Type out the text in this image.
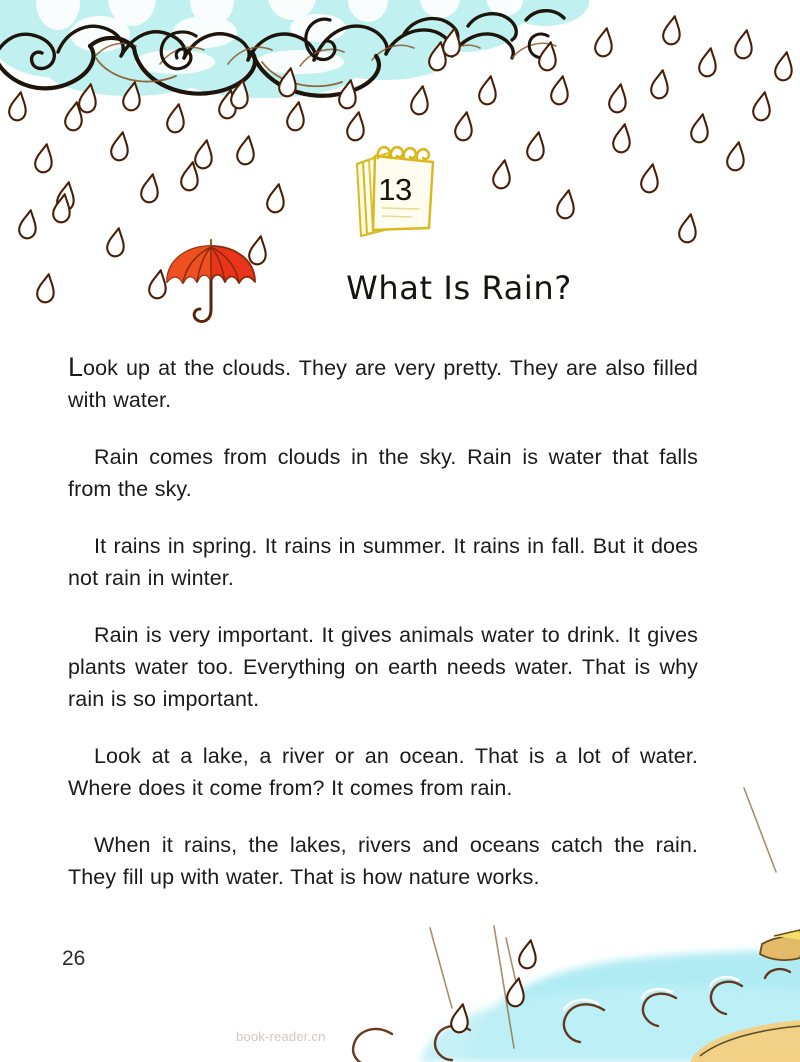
13
What Is Rain?

Look up at the clouds. They are very pretty. They are also filled with water.

Rain comes from clouds in the sky. Rain is water that falls from the sky.

It rains in spring. It rains in summer. It rains in fall. But it does not rain in winter.

Rain is very important. It gives animals water to drink. It gives plants water too. Everything on earth needs water. That is why rain is so important.

Look at a lake, a river or an ocean. That is a lot of water. Where does it come from? It comes from rain.

When it rains, the lakes, rivers and oceans catch the rain. They fill up with water. That is how nature works.

26
book-reader.cn
